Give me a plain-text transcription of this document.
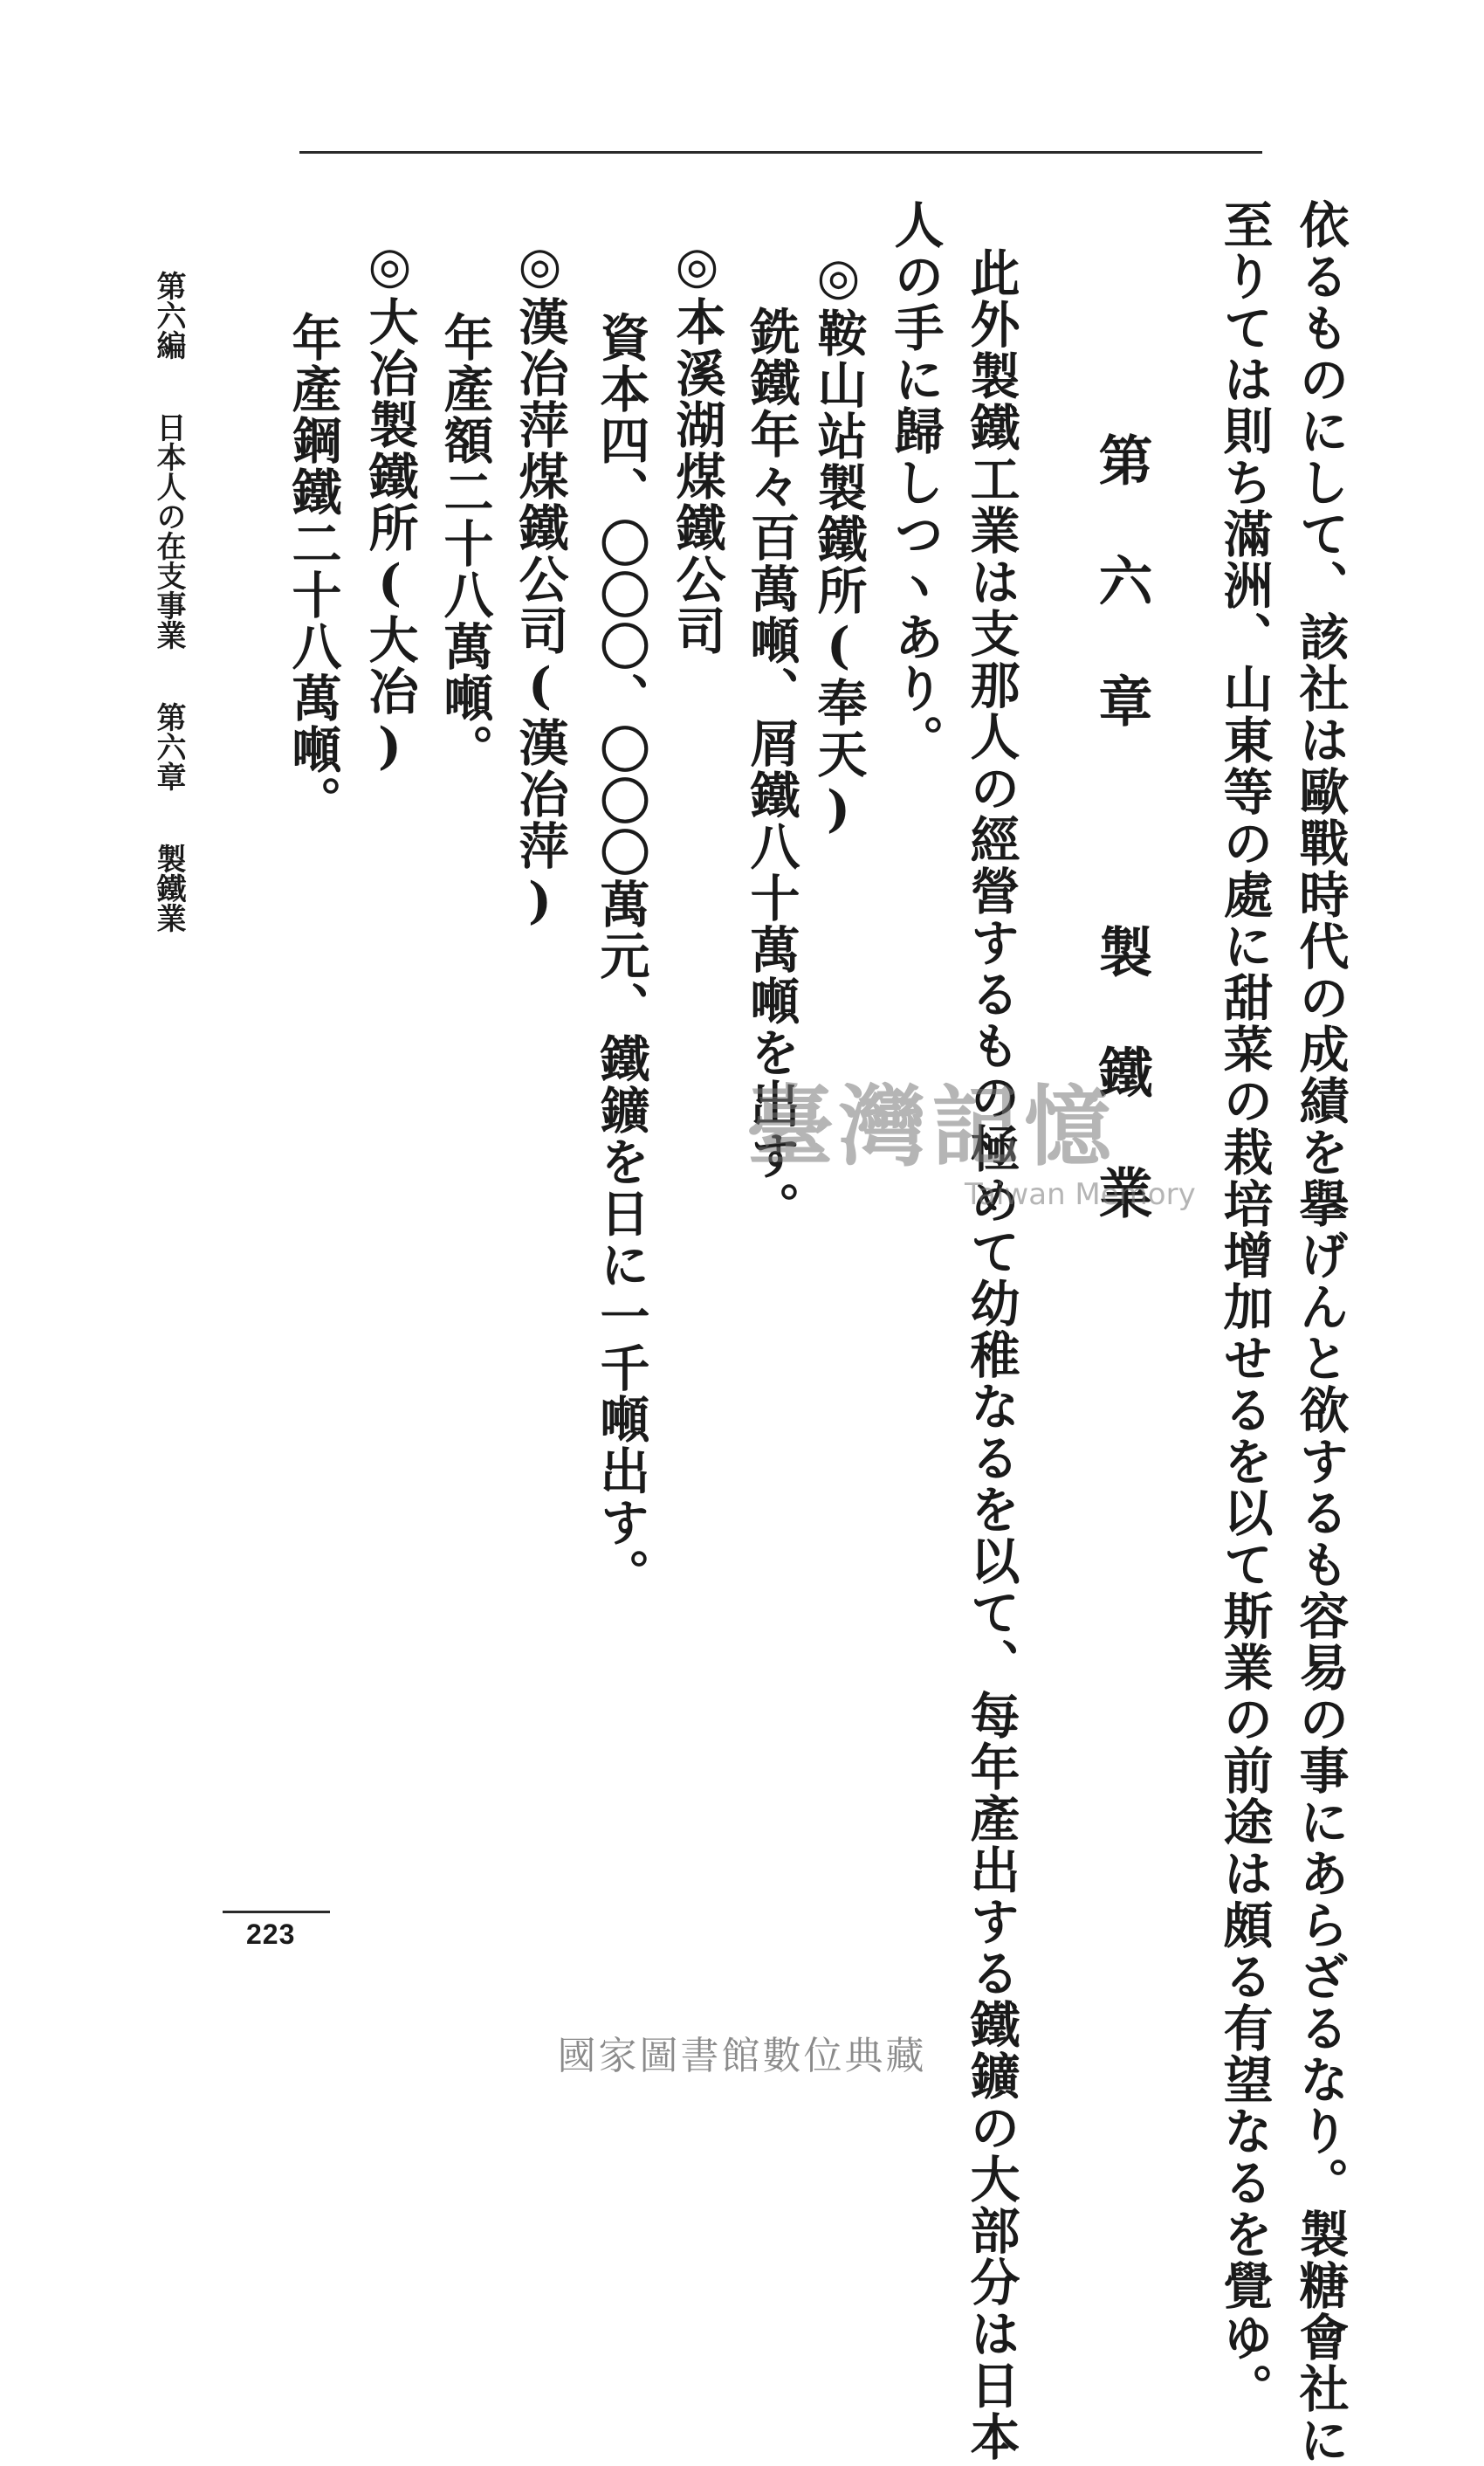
依るものにして、該社は歐戰時代の成績を擧げんと欲するも容易の事にあらざるなり。製糖會社に
至りては則ち滿洲、山東等の處に甜菜の栽培增加せるを以て斯業の前途は頗る有望なるを覺ゆ。
第六章 製鐵業
此外製鐵工業は支那人の經營するもの極めて幼稚なるを以て、每年產出する鐵鑛の大部分は日本
人の手に歸しつヽあり。
◎鞍山站製鐵所(奉天)
銑鐵年々百萬噸、屑鐵八十萬噸を出す。
◎本溪湖煤鐵公司
資本四、〇〇〇、〇〇〇萬元、鐵鑛を日に一千噸出す。
◎漢冶萍煤鐵公司(漢冶萍)
年產額二十八萬噸。
◎大冶製鐵所(大冶)
年產鋼鐵二十八萬噸。
第六編日本人の在支事業第六章製鐵業
223
臺灣記憶
Taiwan Memory
國家圖書館數位典藏
